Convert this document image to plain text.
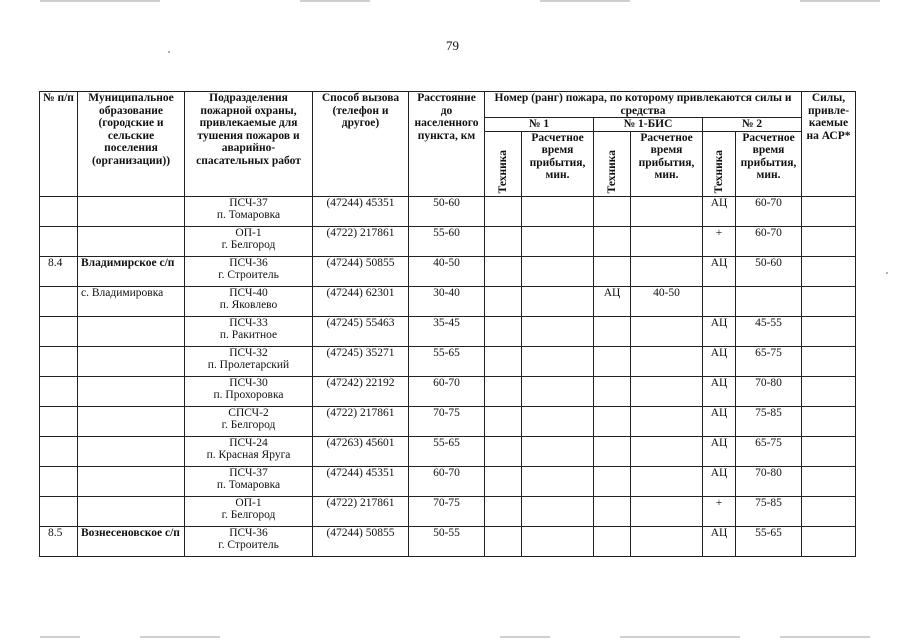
79
№ п/п	Муниципальное образование (городские и сельские поселения (организации))	Подразделения пожарной охраны, привлекаемые для тушения пожаров и аварийно-спасательных работ	Способ вызова (телефон и другое)	Расстояние до населенного пункта, км	Номер (ранг) пожара, по которому привлекаются силы и средства						Силы, привле-каемые на АСР*
					№ 1		№ 1-БИС		№ 2		

					Техника	Расчетное время прибытия, мин.	Техника	Расчетное время прибытия, мин.	Техника	Расчетное время прибытия, мин.	

		ПСЧ-37
п. Томаровка	(47244) 45351	50-60					АЦ	60-70	

		ОП-1
г. Белгород	(4722) 217861	55-60					+	60-70	
8.4	Владимирское с/п	ПСЧ-36
г. Строитель	(47244) 50855	40-50					АЦ	50-60	
	с. Владимировка	ПСЧ-40
п. Яковлево	(47244) 62301	30-40			АЦ	40-50			

		ПСЧ-33
п. Ракитное	(47245) 55463	35-45					АЦ	45-55	

		ПСЧ-32
п. Пролетарский	(47245) 35271	55-65					АЦ	65-75	

		ПСЧ-30
п. Прохоровка	(47242) 22192	60-70					АЦ	70-80	

		СПСЧ-2
г. Белгород	(4722) 217861	70-75					АЦ	75-85	

		ПСЧ-24
п. Красная Яруга	(47263) 45601	55-65					АЦ	65-75	

		ПСЧ-37
п. Томаровка	(47244) 45351	60-70					АЦ	70-80	

		ОП-1
г. Белгород	(4722) 217861	70-75					+	75-85	
8.5	Вознесеновское с/п	ПСЧ-36
г. Строитель	(47244) 50855	50-55					АЦ	55-65	
